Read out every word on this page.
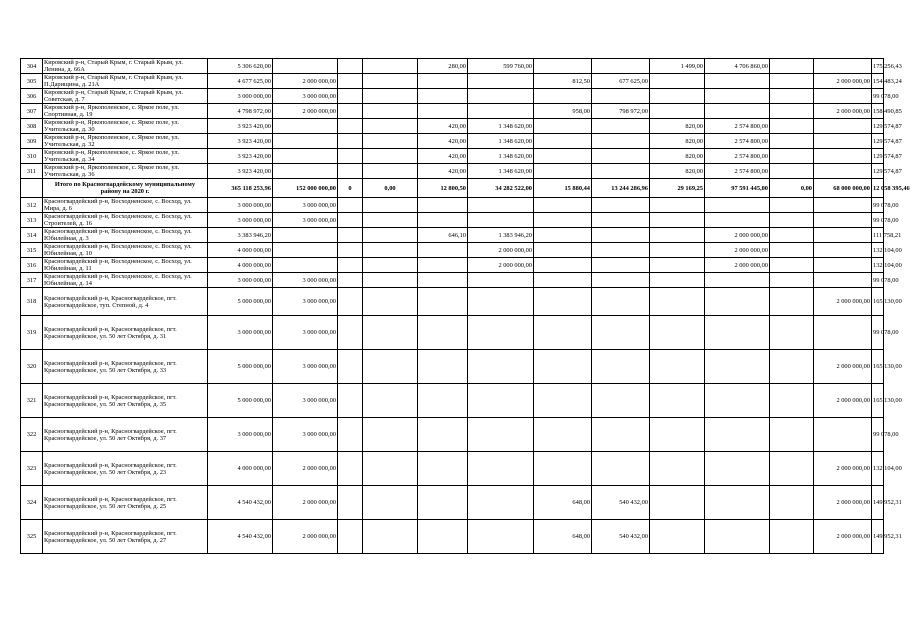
304	Кировский р-н, Старый Крым, г. Старый Крым, ул. Ленина, д. 66А	5 306 620,00				280,00	599 760,00			1 499,00	4 706 860,00			175 256,43	
305	Кировский р-н, Старый Крым, г. Старый Крым, ул. П.Дарищина, д. 21А	4 677 625,00	2 000 000,00					812,50	677 625,00				2 000 000,00	154 483,24	
306	Кировский р-н, Старый Крым, г. Старый Крым, ул. Советская, д. 7	3 000 000,00	3 000 000,00											99 078,00	
307	Кировский р-н, Яркополенское, с. Яркое поле, ул. Спортивная, д. 19	4 798 972,00	2 000 000,00					958,00	798 972,00				2 000 000,00	158 490,85	
308	Кировский р-н, Яркополенское, с. Яркое поле, ул. Учительская, д. 30	3 923 420,00				420,00	1 348 620,00			820,00	2 574 800,00			129 574,87	
309	Кировский р-н, Яркополенское, с. Яркое поле, ул. Учительская, д. 32	3 923 420,00				420,00	1 348 620,00			820,00	2 574 800,00			129 574,87	
310	Кировский р-н, Яркополенское, с. Яркое поле, ул. Учительская, д. 34	3 923 420,00				420,00	1 348 620,00			820,00	2 574 800,00			129 574,87	
311	Кировский р-н, Яркополенское, с. Яркое поле, ул. Учительская, д. 36	3 923 420,00				420,00	1 348 620,00			820,00	2 574 800,00			129 574,87	
	Итого по Красногвардейскому муниципальному району на 2020 г.	365 118 253,96	152 000 000,00	0	0,00	12 800,50	34 282 522,00	15 880,44	13 244 286,96	29 169,25	97 591 445,00	0,00	68 000 000,00	12 058 395,46	
312	Красногвардейский р-н, Восходненское, с. Восход, ул. Мира, д. 6	3 000 000,00	3 000 000,00											99 078,00	
313	Красногвардейский р-н, Восходненское, с. Восход, ул. Строителей, д. 16	3 000 000,00	3 000 000,00											99 078,00	
314	Красногвардейский р-н, Восходненское, с. Восход, ул. Юбилейная, д. 3	3 383 946,20				646,10	1 383 946,20				2 000 000,00			111 758,21	
315	Красногвардейский р-н, Восходненское, с. Восход, ул. Юбилейная, д. 10	4 000 000,00					2 000 000,00				2 000 000,00			132 104,00	
316	Красногвардейский р-н, Восходненское, с. Восход, ул. Юбилейная, д. 11	4 000 000,00					2 000 000,00				2 000 000,00			132 104,00	
317	Красногвардейский р-н, Восходненское, с. Восход, ул. Юбилейная, д. 14	3 000 000,00	3 000 000,00											99 078,00	
318	Красногвардейский р-н, Красногвардейское, пгт. Красногвардейское, туп. Степной, д. 4	5 000 000,00	3 000 000,00										2 000 000,00	165 130,00	
319	Красногвардейский р-н, Красногвардейское, пгт. Красногвардейское, ул. 50 лет Октября, д. 31	3 000 000,00	3 000 000,00											99 078,00	
320	Красногвардейский р-н, Красногвардейское, пгт. Красногвардейское, ул. 50 лет Октября, д. 33	5 000 000,00	3 000 000,00										2 000 000,00	165 130,00	
321	Красногвардейский р-н, Красногвардейское, пгт. Красногвардейское, ул. 50 лет Октября, д. 35	5 000 000,00	3 000 000,00										2 000 000,00	165 130,00	
322	Красногвардейский р-н, Красногвардейское, пгт. Красногвардейское, ул. 50 лет Октября, д. 37	3 000 000,00	3 000 000,00											99 078,00	
323	Красногвардейский р-н, Красногвардейское, пгт. Красногвардейское, ул. 50 лет Октября, д. 23	4 000 000,00	2 000 000,00										2 000 000,00	132 104,00	
324	Красногвардейский р-н, Красногвардейское, пгт. Красногвардейское, ул. 50 лет Октября, д. 25	4 540 432,00	2 000 000,00					648,00	540 432,00				2 000 000,00	149 952,31	
325	Красногвардейский р-н, Красногвардейское, пгт. Красногвардейское, ул. 50 лет Октября, д. 27	4 540 432,00	2 000 000,00					648,00	540 432,00				2 000 000,00	149 952,31	
